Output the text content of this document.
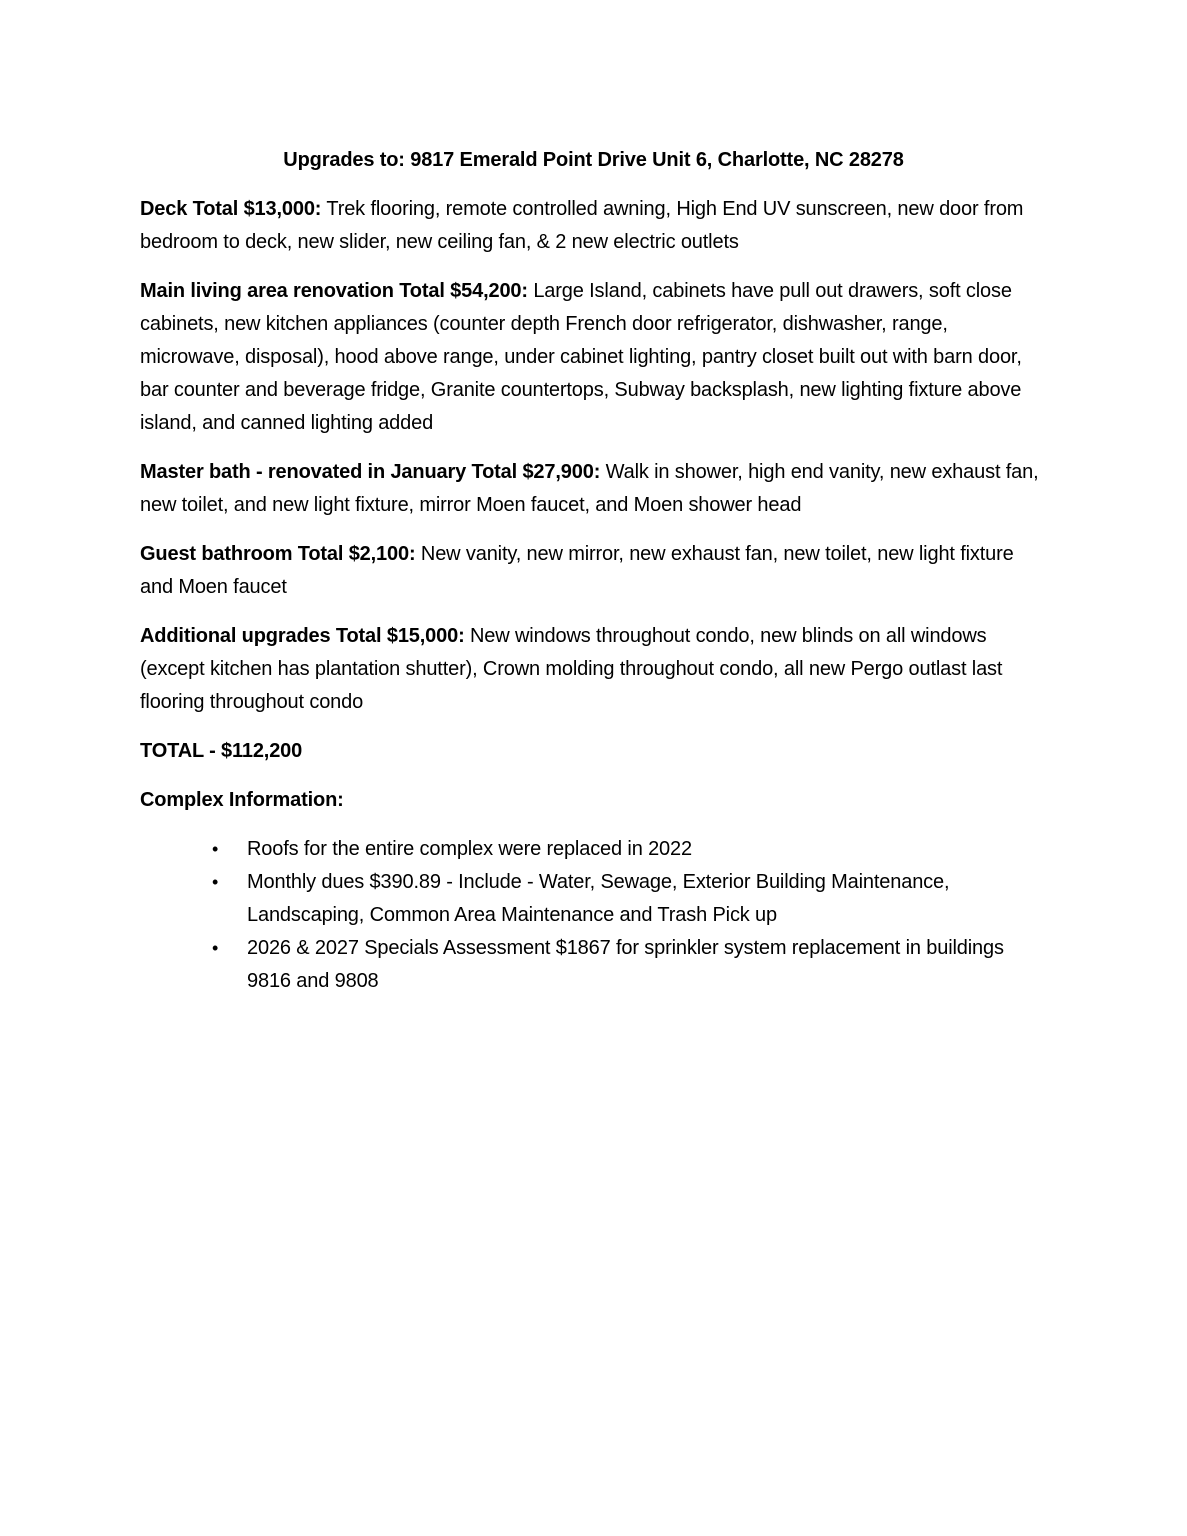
Upgrades to: 9817 Emerald Point Drive Unit 6, Charlotte, NC 28278

Deck Total $13,000: Trek flooring, remote controlled awning, High End UV sunscreen, new door from bedroom to deck, new slider, new ceiling fan, & 2 new electric outlets

Main living area renovation Total $54,200: Large Island, cabinets have pull out drawers, soft close cabinets, new kitchen appliances (counter depth French door refrigerator, dishwasher, range, microwave, disposal), hood above range, under cabinet lighting, pantry closet built out with barn door, bar counter and beverage fridge, Granite countertops, Subway backsplash, new lighting fixture above island, and canned lighting added

Master bath - renovated in January Total $27,900: Walk in shower, high end vanity, new exhaust fan, new toilet, and new light fixture, mirror Moen faucet, and Moen shower head

Guest bathroom Total $2,100: New vanity, new mirror, new exhaust fan, new toilet, new light fixture and Moen faucet

Additional upgrades Total $15,000: New windows throughout condo, new blinds on all windows (except kitchen has plantation shutter), Crown molding throughout condo, all new Pergo outlast last flooring throughout condo

TOTAL - $112,200

Complex Information:

• Roofs for the entire complex were replaced in 2022
• Monthly dues $390.89 - Include - Water, Sewage, Exterior Building Maintenance, Landscaping, Common Area Maintenance and Trash Pick up
• 2026 & 2027 Specials Assessment $1867 for sprinkler system replacement in buildings 9816 and 9808
